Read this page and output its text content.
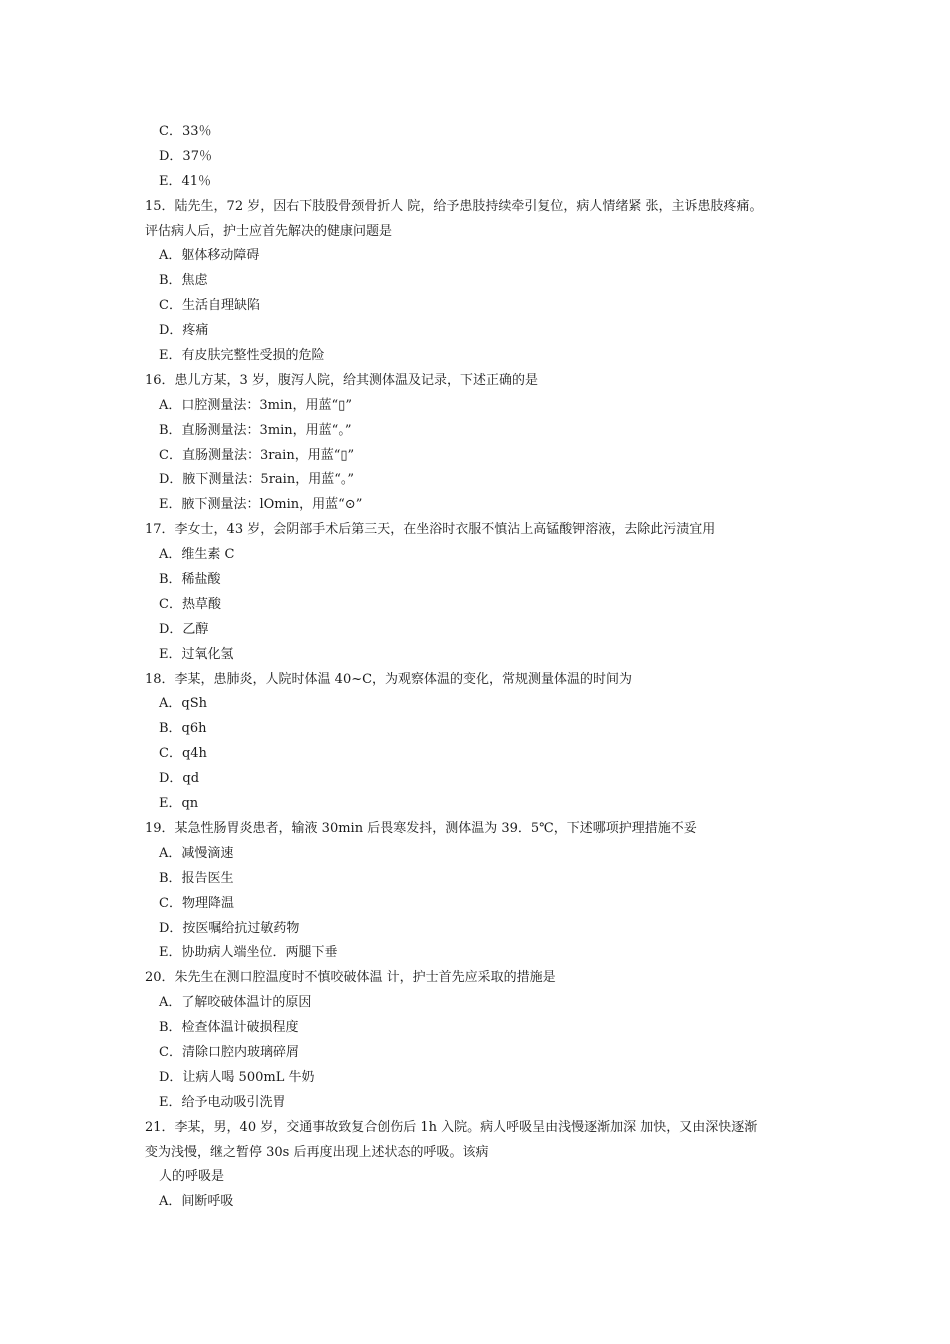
C．33％
D．37％
E．41％
15．陆先生，72 岁，因右下肢股骨颈骨折人 院，给予患肢持续牵引复位，病人情绪紧 张，主诉患肢疼痛。
评估病人后，护士应首先解决的健康问题是
A．躯体移动障碍
B．焦虑
C．生活自理缺陷
D．疼痛
E．有皮肤完整性受损的危险
16．患儿方某，3 岁，腹泻人院，给其测体温及记录，下述正确的是
A．口腔测量法：3min，用蓝“▯”
B．直肠测量法：3min，用蓝“。”
C．直肠测量法：3rain，用蓝“▯”
D．腋下测量法：5rain，用蓝“。”
E．腋下测量法：lOmin，用蓝“⊙”
17．李女士，43 岁，会阴部手术后第三天，在坐浴时衣服不慎沾上高锰酸钾溶液，去除此污渍宜用
A．维生素 C
B．稀盐酸
C．热草酸
D．乙醇
E．过氧化氢
18．李某，患肺炎，人院时体温 40~C，为观察体温的变化，常规测量体温的时间为
A．qSh
B．q6h
C．q4h
D．qd
E．qn
19．某急性肠胃炎患者，输液 30min 后畏寒发抖，测体温为 39．5℃，下述哪项护理措施不妥
A．减慢滴速
B．报告医生
C．物理降温
D．按医嘱给抗过敏药物
E．协助病人端坐位．两腿下垂
20．朱先生在测口腔温度时不慎咬破体温 计，护士首先应采取的措施是
A．了解咬破体温计的原因
B．检查体温计破损程度
C．清除口腔内玻璃碎屑
D．让病人喝 500mL 牛奶
E．给予电动吸引洗胃
21．李某，男，40 岁，交通事故致复合创伤后 1h 入院。病人呼吸呈由浅慢逐渐加深 加快，又由深快逐渐
变为浅慢，继之暂停 30s 后再度出现上述状态的呼吸。该病
人的呼吸是
A．间断呼吸
